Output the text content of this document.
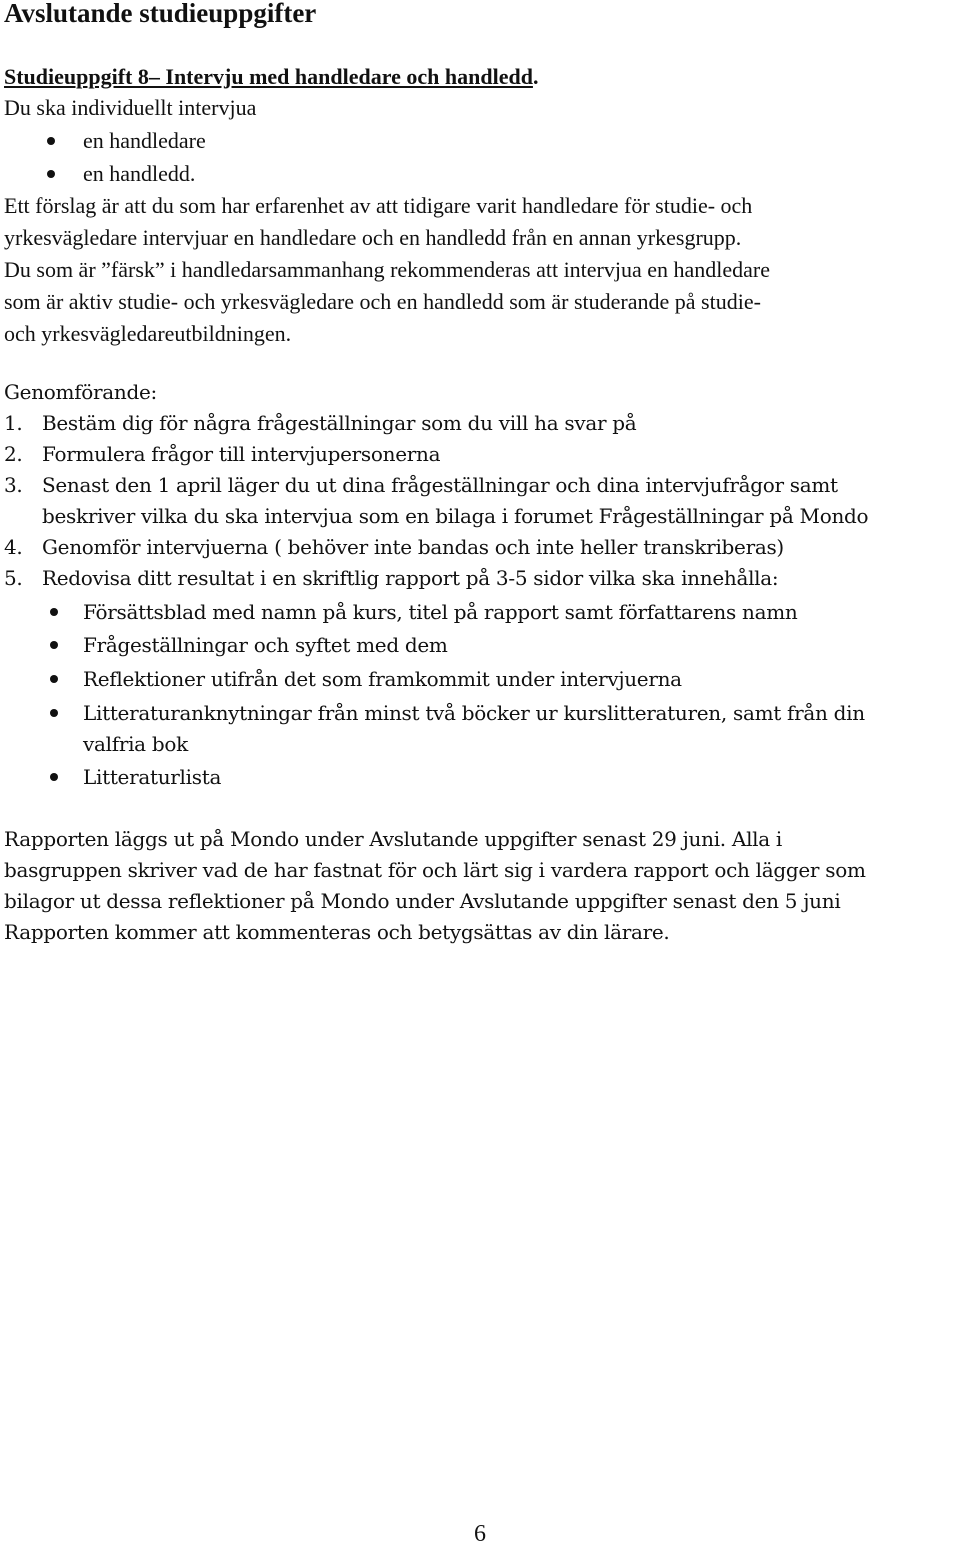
Avslutande studieuppgifter
Studieuppgift 8– Intervju med handledare och handledd.
Du ska individuellt intervjua
en handledare
en handledd.
Ett förslag är att du som har erfarenhet av att tidigare varit handledare för studie- och
yrkesvägledare intervjuar en handledare och en handledd från en annan yrkesgrupp.
Du som är ”färsk” i handledarsammanhang rekommenderas att intervjua en handledare
som är aktiv studie- och yrkesvägledare och en handledd som är studerande på studie-
och yrkesvägledareutbildningen.
Genomförande:
1. Bestäm dig för några frågeställningar som du vill ha svar på
2. Formulera frågor till intervjupersonerna
3. Senast den 1 april läger du ut dina frågeställningar och dina intervjufrågor samt
beskriver vilka du ska intervjua som en bilaga i forumet Frågeställningar på Mondo
4. Genomför intervjuerna ( behöver inte bandas och inte heller transkriberas)
5. Redovisa ditt resultat i en skriftlig rapport på 3-5 sidor vilka ska innehålla:
Försättsblad med namn på kurs, titel på rapport samt författarens namn
Frågeställningar och syftet med dem
Reflektioner utifrån det som framkommit under intervjuerna
Litteraturanknytningar från minst två böcker ur kurslitteraturen, samt från din
valfria bok
Litteraturlista
Rapporten läggs ut på Mondo under Avslutande uppgifter senast 29 juni. Alla i
basgruppen skriver vad de har fastnat för och lärt sig i vardera rapport och lägger som
bilagor ut dessa reflektioner på Mondo under Avslutande uppgifter senast den 5 juni
Rapporten kommer att kommenteras och betygsättas av din lärare.
6
